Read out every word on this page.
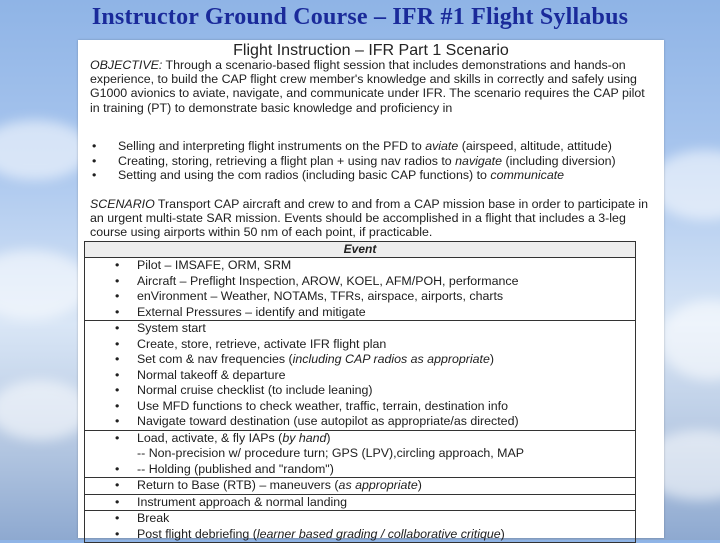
Instructor Ground Course – IFR #1 Flight Syllabus
Flight Instruction – IFR Part 1 Scenario
OBJECTIVE: Through a scenario-based flight session that includes demonstrations and hands-on experience, to build the CAP flight crew member's knowledge and skills in correctly and safely using G1000 avionics to aviate, navigate, and communicate under IFR. The scenario requires the CAP pilot in training (PT) to demonstrate basic knowledge and proficiency in
• Selling and interpreting flight instruments on the PFD to aviate (airspeed, altitude, attitude)
• Creating, storing, retrieving a flight plan + using nav radios to navigate (including diversion)
• Setting and using the com radios (including basic CAP functions) to communicate
SCENARIO Transport CAP aircraft and crew to and from a CAP mission base in order to participate in an urgent multi-state SAR mission. Events should be accomplished in a flight that includes a 3-leg course using airports within 50 nm of each point, if practicable.
Event

• Pilot – IMSAFE, ORM, SRM
• Aircraft – Preflight Inspection, AROW, KOEL, AFM/POH, performance
• enVironment – Weather, NOTAMs, TFRs, airspace, airports, charts
• External Pressures – identify and mitigate

• System start
• Create, store, retrieve, activate IFR flight plan
• Set com & nav frequencies (including CAP radios as appropriate)
• Normal takeoff & departure
• Normal cruise checklist (to include leaning)
• Use MFD functions to check weather, traffic, terrain, destination info
• Navigate toward destination (use autopilot as appropriate/as directed)

• Load, activate, & fly IAPs (by hand)
-- Non-precision w/ procedure turn; GPS (LPV),circling approach, MAP
• -- Holding (published and "random")

• Return to Base (RTB) – maneuvers (as appropriate)

• Instrument approach & normal landing

• Break
• Post flight debriefing (learner based grading / collaborative critique)
